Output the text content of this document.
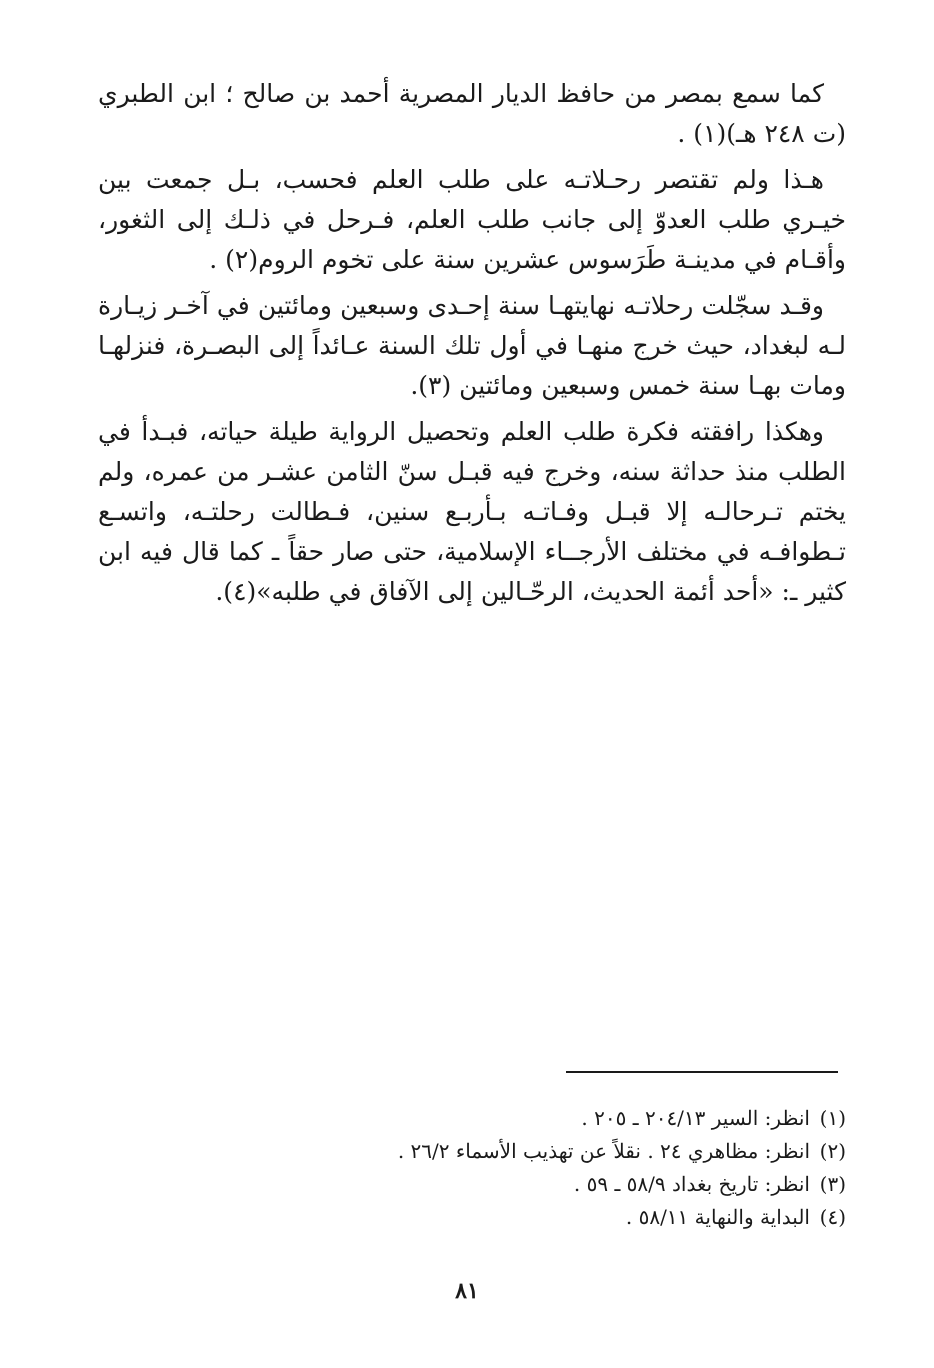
كما سمع بمصر من حافظ الديار المصرية أحمد بن صالح ؛ ابن الطبري (ت ٢٤٨ هـ)(١) .

هـذا ولم تقتصر رحـلاتـه على طلب العلم فحسب، بـل جمعت بين خيـري طلب العدوّ إلى جانب طلب العلم، فـرحل في ذلـك إلى الثغور، وأقـام في مدينـة طَرَسوس عشرين سنة على تخوم الروم(٢) .

وقـد سجّلت رحلاتـه نهايتهـا سنة إحـدى وسبعين ومائتين في آخـر زيـارة لـه لبغداد، حيث خرج منهـا في أول تلك السنة عـائداً إلى البصـرة، فنزلهـا ومات بهـا سنة خمس وسبعين ومائتين (٣).

وهكذا رافقته فكرة طلب العلم وتحصيل الرواية طيلة حياته، فبـدأ في الطلب منذ حداثة سنه، وخرج فيه قبـل سنّ الثامن عشـر من عمره، ولم يختم تـرحالـه إلا قبـل وفـاتـه بـأربـع سنين، فـطالت رحلتـه، واتسـع تـطوافـه في مختلف الأرجــاء الإسلامية، حتى صار حقاً ـ كما قال فيه ابن كثير ـ: «أحد أئمة الحديث، الرحّـالين إلى الآفاق في طلبه»(٤).

(١)
انظر: السير ٢٠٤/١٣ ـ ٢٠٥ .
(٢)
انظر: مظاهري ٢٤ . نقلاً عن تهذيب الأسماء ٢٦/٢ .
(٣)
انظر: تاريخ بغداد ٥٨/٩ ـ ٥٩ .
(٤)
البداية والنهاية ٥٨/١١ .
٨١
